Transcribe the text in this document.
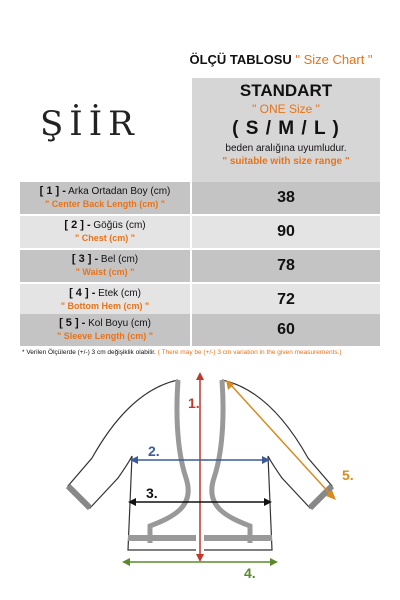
ÖLÇÜ TABLOSU " Size Chart "
ŞİİR
STANDART
" ONE Size "
( S / M / L )
beden aralığına uyumludur.
" suitable with size range "
[ 1 ] - Arka Ortadan Boy (cm)
" Center Back Length (cm) "	38
[ 2 ] - Göğüs (cm)
" Chest (cm) "	90
[ 3 ] - Bel (cm)
" Waist (cm) "	78
[ 4 ] - Etek (cm)
" Bottom Hem (cm) "	72
[ 5 ] - Kol Boyu (cm)
" Sleeve Length (cm) "	60
* Verilen Ölçülerde (+/-) 3 cm değişiklik olabilir. ( There may be (+/-) 3 cm variation in the given measurements.)
1.
2.
3.
4.
5.
